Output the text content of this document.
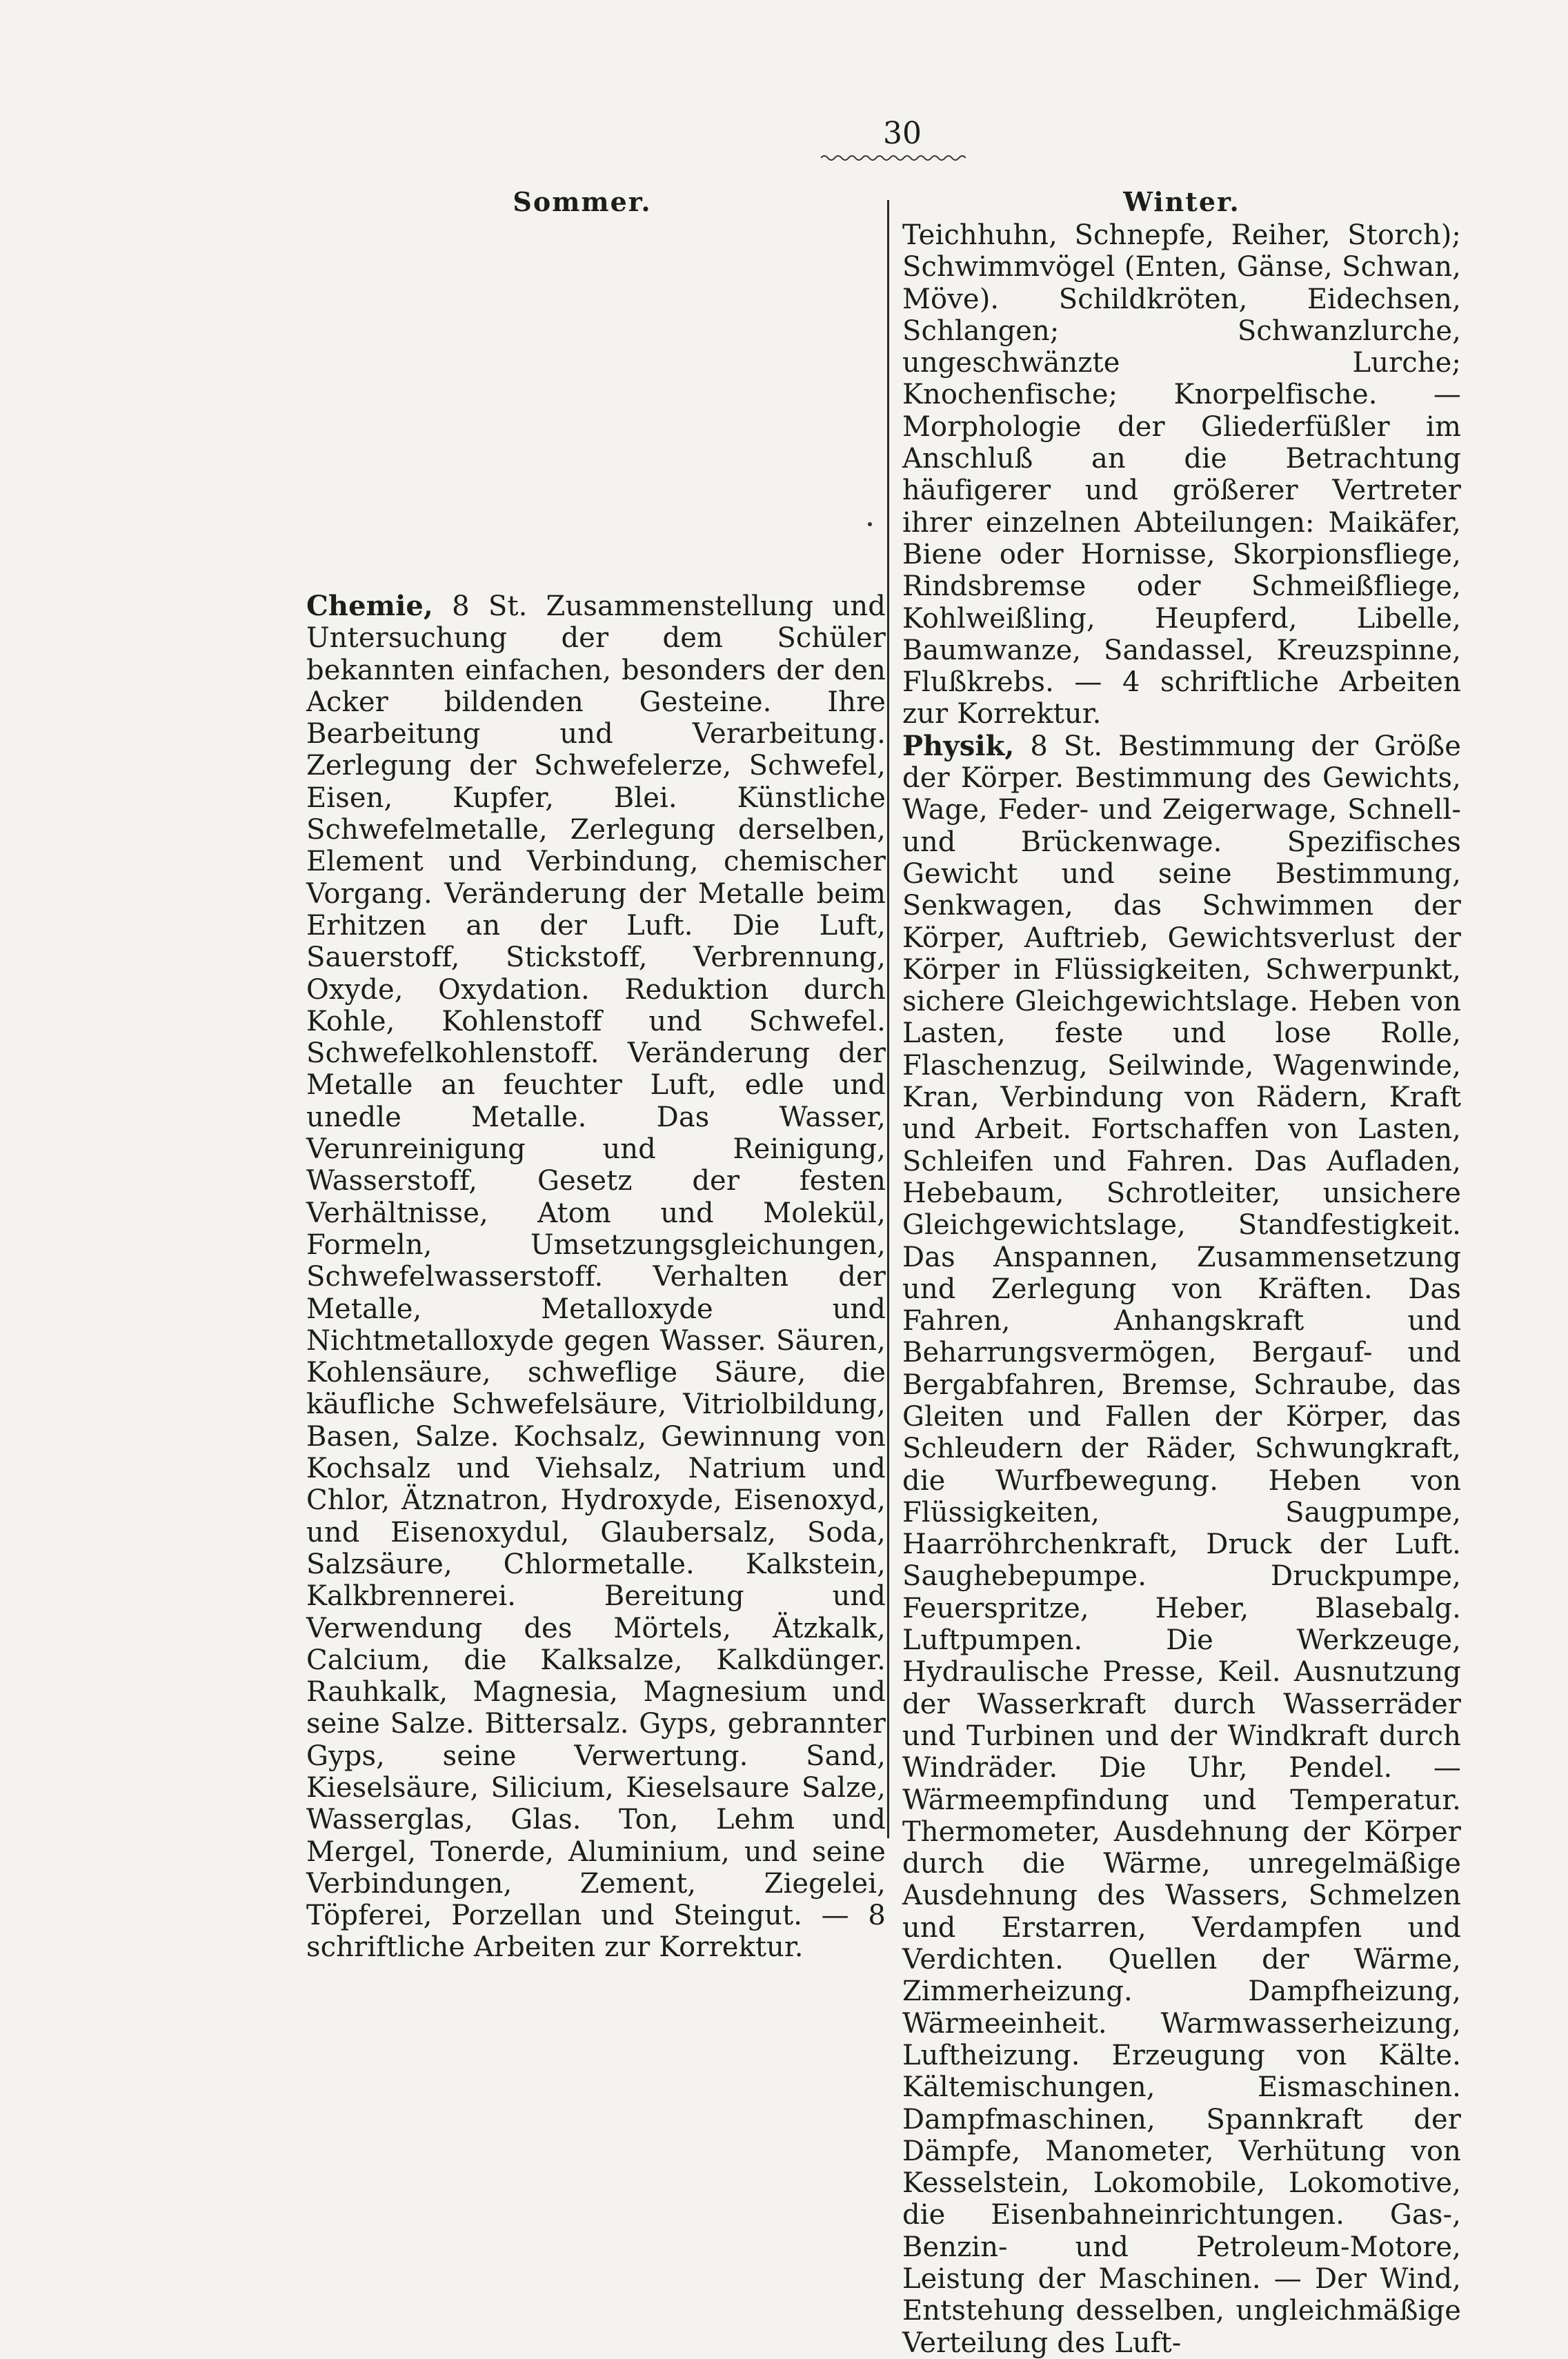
30
Sommer.

Chemie, 8 St. Zusammenstellung und Untersuchung der dem Schüler bekannten einfachen, besonders der den Acker bildenden Gesteine. Ihre Bearbeitung und Verarbeitung. Zerlegung der Schwefelerze, Schwefel, Eisen, Kupfer, Blei. Künstliche Schwefelmetalle, Zerlegung derselben, Element und Verbindung, chemischer Vorgang. Veränderung der Metalle beim Erhitzen an der Luft. Die Luft, Sauerstoff, Stickstoff, Verbrennung, Oxyde, Oxydation. Reduktion durch Kohle, Kohlenstoff und Schwefel. Schwefelkohlenstoff. Veränderung der Metalle an feuchter Luft, edle und unedle Metalle. Das Wasser, Verunreinigung und Reinigung, Wasserstoff, Gesetz der festen Verhältnisse, Atom und Molekül, Formeln, Umsetzungsgleichungen, Schwefelwasserstoff. Verhalten der Metalle, Metalloxyde und Nichtmetalloxyde gegen Wasser. Säuren, Kohlensäure, schweflige Säure, die käufliche Schwefelsäure, Vitriolbildung, Basen, Salze. Kochsalz, Gewinnung von Kochsalz und Viehsalz, Natrium und Chlor, Ätznatron, Hydroxyde, Eisenoxyd, und Eisenoxydul, Glaubersalz, Soda, Salzsäure, Chlormetalle. Kalkstein, Kalkbrennerei. Bereitung und Verwendung des Mörtels, Ätzkalk, Calcium, die Kalksalze, Kalkdünger. Rauhkalk, Magnesia, Magnesium und seine Salze. Bittersalz. Gyps, gebrannter Gyps, seine Verwertung. Sand, Kieselsäure, Silicium, Kieselsaure Salze, Wasserglas, Glas. Ton, Lehm und Mergel, Tonerde, Aluminium, und seine Verbindungen, Zement, Ziegelei, Töpferei, Porzellan und Steingut. — 8 schriftliche Arbeiten zur Korrektur.

Winter.

Teichhuhn, Schnepfe, Reiher, Storch); Schwimmvögel (Enten, Gänse, Schwan, Möve). Schildkröten, Eidechsen, Schlangen; Schwanzlurche, ungeschwänzte Lurche; Knochenfische; Knorpelfische. — Morphologie der Gliederfüßler im Anschluß an die Betrachtung häufigerer und größerer Vertreter ihrer einzelnen Abteilungen: Maikäfer, Biene oder Hornisse, Skorpionsfliege, Rindsbremse oder Schmeißfliege, Kohlweißling, Heupferd, Libelle, Baumwanze, Sandassel, Kreuzspinne, Flußkrebs. — 4 schriftliche Arbeiten zur Korrektur.

Physik, 8 St. Bestimmung der Größe der Körper. Bestimmung des Gewichts, Wage, Feder- und Zeigerwage, Schnell- und Brückenwage. Spezifisches Gewicht und seine Bestimmung, Senkwagen, das Schwimmen der Körper, Auftrieb, Gewichtsverlust der Körper in Flüssigkeiten, Schwerpunkt, sichere Gleichgewichtslage. Heben von Lasten, feste und lose Rolle, Flaschenzug, Seilwinde, Wagenwinde, Kran, Verbindung von Rädern, Kraft und Arbeit. Fortschaffen von Lasten, Schleifen und Fahren. Das Aufladen, Hebebaum, Schrotleiter, unsichere Gleichgewichtslage, Standfestigkeit. Das Anspannen, Zusammensetzung und Zerlegung von Kräften. Das Fahren, Anhangskraft und Beharrungsvermögen, Bergauf- und Bergabfahren, Bremse, Schraube, das Gleiten und Fallen der Körper, das Schleudern der Räder, Schwungkraft, die Wurfbewegung. Heben von Flüssigkeiten, Saugpumpe, Haarröhrchenkraft, Druck der Luft. Saughebepumpe. Druckpumpe, Feuerspritze, Heber, Blasebalg. Luftpumpen. Die Werkzeuge, Hydraulische Presse, Keil. Ausnutzung der Wasserkraft durch Wasserräder und Turbinen und der Windkraft durch Windräder. Die Uhr, Pendel. — Wärmeempfindung und Temperatur. Thermometer, Ausdehnung der Körper durch die Wärme, unregelmäßige Ausdehnung des Wassers, Schmelzen und Erstarren, Verdampfen und Verdichten. Quellen der Wärme, Zimmerheizung. Dampfheizung, Wärmeeinheit. Warmwasserheizung, Luftheizung. Erzeugung von Kälte. Kältemischungen, Eismaschinen. Dampfmaschinen, Spannkraft der Dämpfe, Manometer, Verhütung von Kesselstein, Lokomobile, Lokomotive, die Eisenbahneinrichtungen. Gas-, Benzin- und Petroleum-Motore, Leistung der Maschinen. — Der Wind, Entstehung desselben, ungleichmäßige Verteilung des Luft-
